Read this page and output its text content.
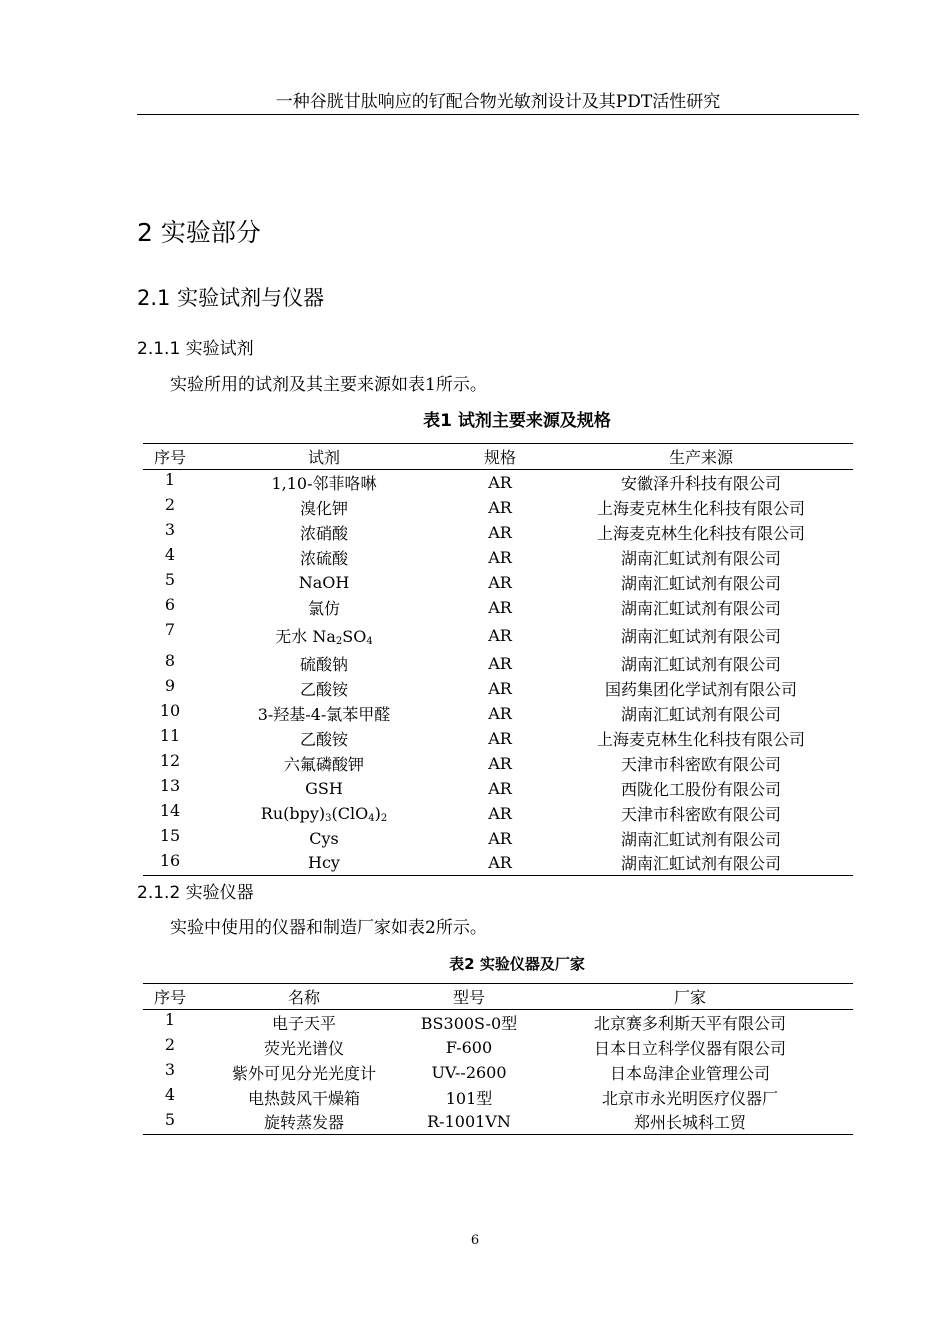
一种谷胱甘肽响应的钌配合物光敏剂设计及其PDT活性研究
2 实验部分
2.1 实验试剂与仪器
2.1.1 实验试剂
实验所用的试剂及其主要来源如表1所示。
表1 试剂主要来源及规格
序号	试剂	规格	生产来源
1	1,10-邻菲咯啉	AR	安徽泽升科技有限公司
2	溴化钾	AR	上海麦克林生化科技有限公司
3	浓硝酸	AR	上海麦克林生化科技有限公司
4	浓硫酸	AR	湖南汇虹试剂有限公司
5	NaOH	AR	湖南汇虹试剂有限公司
6	氯仿	AR	湖南汇虹试剂有限公司
7	无水 $Na_2SO_4$	AR	湖南汇虹试剂有限公司
8	硫酸钠	AR	湖南汇虹试剂有限公司
9	乙酸铵	AR	国药集团化学试剂有限公司
10	3-羟基-4-氯苯甲醛	AR	湖南汇虹试剂有限公司
11	乙酸铵	AR	上海麦克林生化科技有限公司
12	六氟磷酸钾	AR	天津市科密欧有限公司
13	GSH	AR	西陇化工股份有限公司
14	$Ru(bpy)_3(ClO_4)_2$	AR	天津市科密欧有限公司
15	Cys	AR	湖南汇虹试剂有限公司
16	Hcy	AR	湖南汇虹试剂有限公司
2.1.2 实验仪器
实验中使用的仪器和制造厂家如表2所示。
表2 实验仪器及厂家
序号	名称	型号	厂家
1	电子天平	BS300S-0型	北京赛多利斯天平有限公司
2	荧光光谱仪	F-600	日本日立科学仪器有限公司
3	紫外可见分光光度计	UV--2600	日本岛津企业管理公司
4	电热鼓风干燥箱	101型	北京市永光明医疗仪器厂
5	旋转蒸发器	R-1001VN	郑州长城科工贸
6
